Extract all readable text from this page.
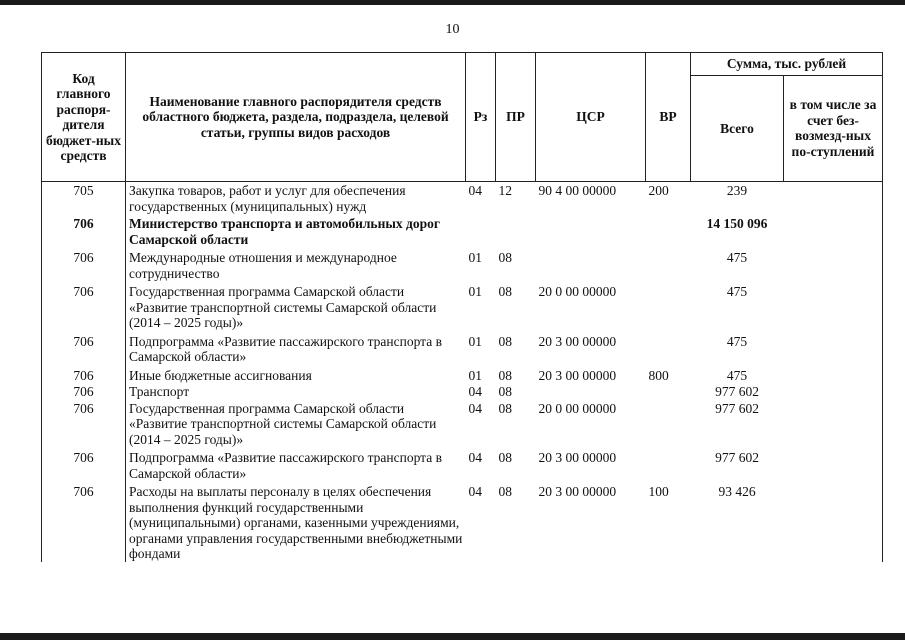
10
Код главного распоря-дителя бюджет-ных средств	Наименование главного распорядителя средств областного бюджета, раздела, подраздела, целевой статьи, группы видов расходов	Рз	ПР	ЦСР	ВР	Сумма, тыс. рублей	
						Всего	в том числе за счет без-возмезд-ных по-ступлений
705	Закупка товаров, работ и услуг для обеспечения государственных (муниципальных) нужд	04	12	90 4 00 00000	200	239	
706	Министерство транспорта и автомобильных дорог Самарской области					14 150 096	
706	Международные отношения и международное сотрудничество	01	08			475	
706	Государственная программа Самарской области «Развитие транспортной системы Самарской области (2014 – 2025 годы)»	01	08	20 0 00 00000		475	
706	Подпрограмма «Развитие пассажирского транспорта в Самарской области»	01	08	20 3 00 00000		475	
706	Иные бюджетные ассигнования	01	08	20 3 00 00000	800	475	
706	Транспорт	04	08			977 602	
706	Государственная программа Самарской области «Развитие транспортной системы Самарской области (2014 – 2025 годы)»	04	08	20 0 00 00000		977 602	
706	Подпрограмма «Развитие пассажирского транспорта в Самарской области»	04	08	20 3 00 00000		977 602	
706	Расходы на выплаты персоналу в целях обеспечения выполнения функций государственными (муниципальными) органами, казенными учреждениями, органами управления государственными внебюджетными фондами	04	08	20 3 00 00000	100	93 426	
